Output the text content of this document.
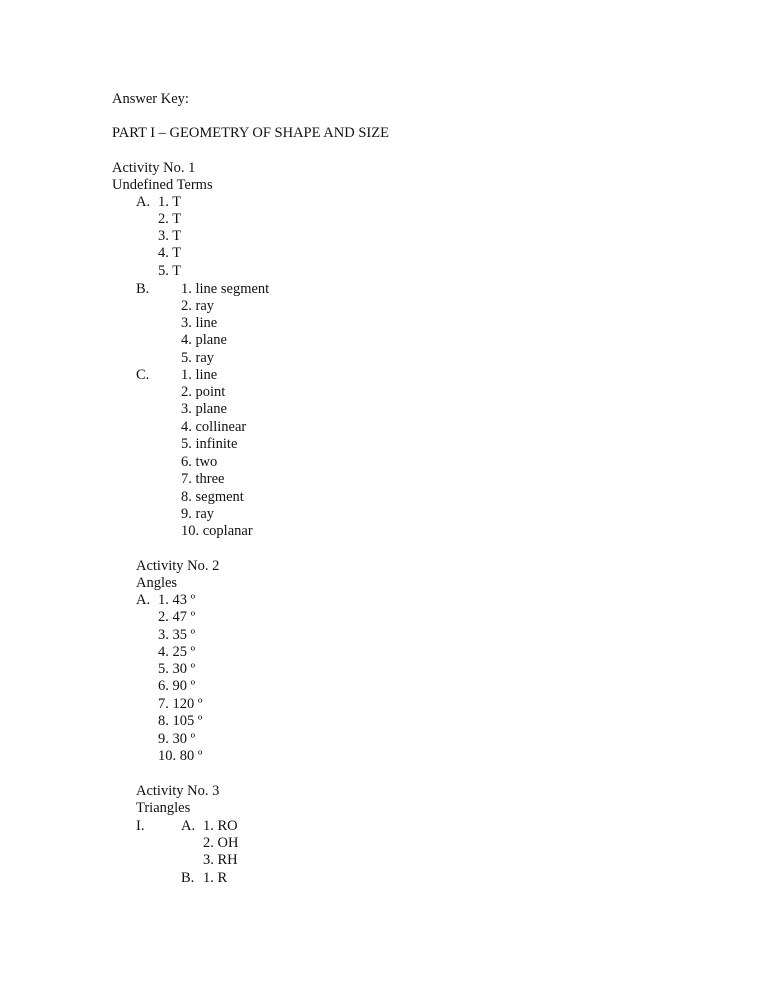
Answer Key:
PART I – GEOMETRY OF SHAPE AND SIZE
Activity No. 1
Undefined Terms
A. 1. T
2. T
3. T
4. T
5. T
B. 1. line segment
2. ray
3. line
4. plane
5. ray
C. 1. line
2. point
3. plane
4. collinear
5. infinite
6. two
7. three
8. segment
9. ray
10. coplanar
Activity No. 2
Angles
A. 1. 43 º
2. 47 º
3. 35 º
4. 25 º
5. 30 º
6. 90 º
7. 120 º
8. 105 º
9. 30 º
10. 80 º
Activity No. 3
Triangles
I.	A. 1. RO
2. OH
3. RH
B. 1. R
